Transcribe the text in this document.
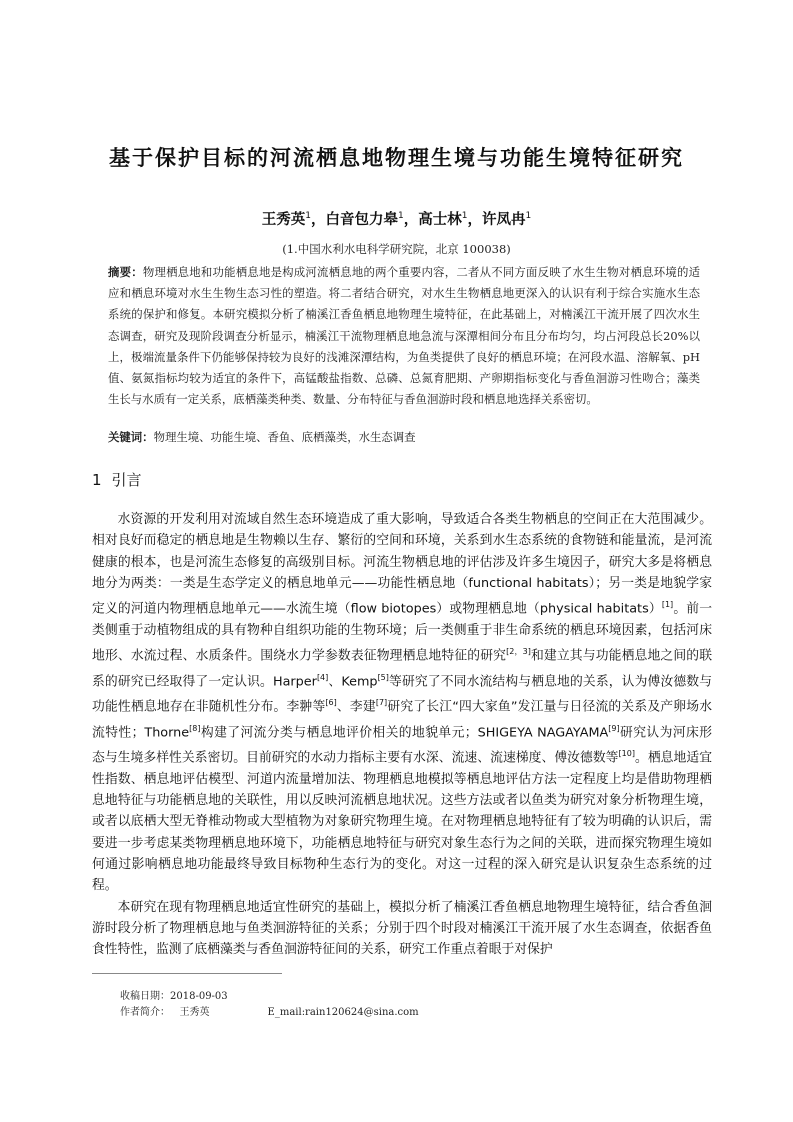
基于保护目标的河流栖息地物理生境与功能生境特征研究
王秀英$^1$，白音包力皋$^1$，高士林$^1$，许凤冉$^1$
(1.中国水利水电科学研究院，北京 100038)
摘要：物理栖息地和功能栖息地是构成河流栖息地的两个重要内容，二者从不同方面反映了水生生物对栖息环境的适应和栖息环境对水生生物生态习性的塑造。将二者结合研究，对水生生物栖息地更深入的认识有利于综合实施水生态系统的保护和修复。本研究模拟分析了楠溪江香鱼栖息地物理生境特征，在此基础上，对楠溪江干流开展了四次水生态调查，研究及现阶段调查分析显示，楠溪江干流物理栖息地急流与深潭相间分布且分布均匀，均占河段总长20%以上，极端流量条件下仍能够保持较为良好的浅滩深潭结构，为鱼类提供了良好的栖息环境；在河段水温、溶解氧、pH值、氨氮指标均较为适宜的条件下，高锰酸盐指数、总磷、总氮育肥期、产卵期指标变化与香鱼洄游习性吻合；藻类生长与水质有一定关系，底栖藻类种类、数量、分布特征与香鱼洄游时段和栖息地选择关系密切。
关键词：物理生境、功能生境、香鱼、底栖藻类，水生态调查
1 引言

水资源的开发利用对流域自然生态环境造成了重大影响，导致适合各类生物栖息的空间正在大范围减少。相对良好而稳定的栖息地是生物赖以生存、繁衍的空间和环境，关系到水生态系统的食物链和能量流，是河流健康的根本，也是河流生态修复的高级别目标。河流生物栖息地的评估涉及许多生境因子，研究大多是将栖息地分为两类：一类是生态学定义的栖息地单元——功能性栖息地（functional habitats）；另一类是地貌学家定义的河道内物理栖息地单元——水流生境（flow biotopes）或物理栖息地（physical habitats）[1]。前一类侧重于动植物组成的具有物种自组织功能的生物环境；后一类侧重于非生命系统的栖息环境因素，包括河床地形、水流过程、水质条件。围绕水力学参数表征物理栖息地特征的研究[2，3]和建立其与功能栖息地之间的联系的研究已经取得了一定认识。Harper[4]、Kemp[5]等研究了不同水流结构与栖息地的关系，认为傅汝德数与功能性栖息地存在非随机性分布。李翀等[6]、李建[7]研究了长江“四大家鱼”发江量与日径流的关系及产卵场水流特性；Thorne[8]构建了河流分类与栖息地评价相关的地貌单元；SHIGEYA NAGAYAMA[9]研究认为河床形态与生境多样性关系密切。目前研究的水动力指标主要有水深、流速、流速梯度、傅汝德数等[10]。栖息地适宜性指数、栖息地评估模型、河道内流量增加法、物理栖息地模拟等栖息地评估方法一定程度上均是借助物理栖息地特征与功能栖息地的关联性，用以反映河流栖息地状况。这些方法或者以鱼类为研究对象分析物理生境，或者以底栖大型无脊椎动物或大型植物为对象研究物理生境。在对物理栖息地特征有了较为明确的认识后，需要进一步考虑某类物理栖息地环境下，功能栖息地特征与研究对象生态行为之间的关联，进而探究物理生境如何通过影响栖息地功能最终导致目标物种生态行为的变化。对这一过程的深入研究是认识复杂生态系统的过程。

本研究在现有物理栖息地适宜性研究的基础上，模拟分析了楠溪江香鱼栖息地物理生境特征，结合香鱼洄游时段分析了物理栖息地与鱼类洄游特征的关系；分别于四个时段对楠溪江干流开展了水生态调查，依据香鱼食性特性，监测了底栖藻类与香鱼洄游特征间的关系，研究工作重点着眼于对保护

收稿日期： 2018-09-03
作者简介：
王秀英	E_mail:rain120624@sina.com
